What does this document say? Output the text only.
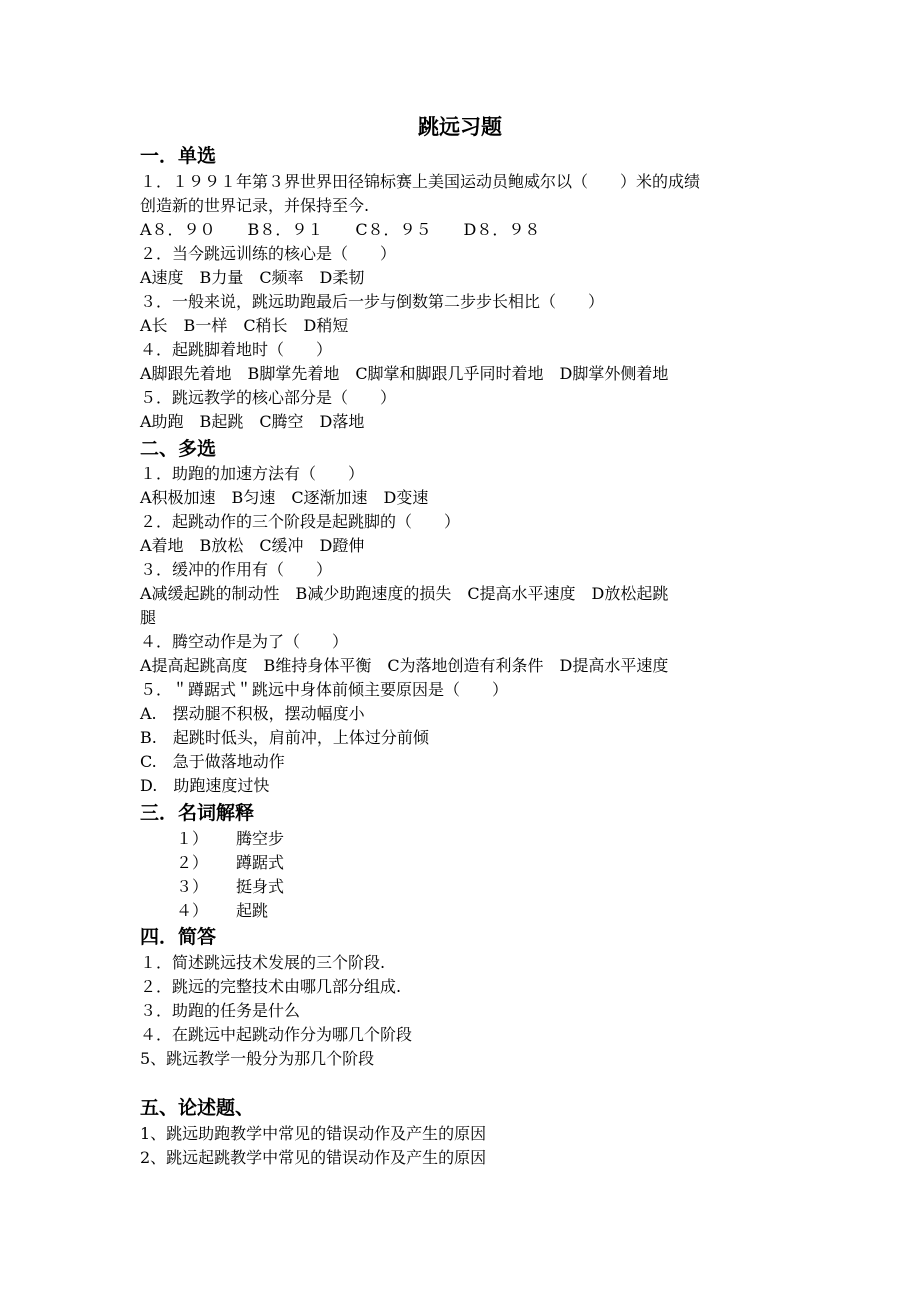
跳远习题
一．单选
１．１９９１年第３界世界田径锦标赛上美国运动员鲍威尔以（　　）米的成绩
创造新的世界记录，并保持至今.
A８．９０　　B８．９１　　C８．９５　　D８．９８
２．当今跳远训练的核心是（　　）
A速度　B力量　C频率　D柔韧
３．一般来说，跳远助跑最后一步与倒数第二步步长相比（　　）
A长　B一样　C稍长　D稍短
４．起跳脚着地时（　　）
A脚跟先着地　B脚掌先着地　C脚掌和脚跟几乎同时着地　D脚掌外侧着地
５．跳远教学的核心部分是（　　）
A助跑　B起跳　C腾空　D落地
二、多选
１．助跑的加速方法有（　　）
A积极加速　B匀速　C逐渐加速　D变速
２．起跳动作的三个阶段是起跳脚的（　　）
A着地　B放松　C缓冲　D蹬伸
３．缓冲的作用有（　　）
A减缓起跳的制动性　B减少助跑速度的损失　C提高水平速度　D放松起跳
腿
４．腾空动作是为了（　　）
A提高起跳高度　B维持身体平衡　C为落地创造有利条件　D提高水平速度
５．＂蹲踞式＂跳远中身体前倾主要原因是（　　）
A.　摆动腿不积极，摆动幅度小
B.　起跳时低头，肩前冲，上体过分前倾
C.　急于做落地动作
D.　助跑速度过快
三．名词解释
１） 腾空步
２） 蹲踞式
３） 挺身式
４） 起跳
四．简答
１．简述跳远技术发展的三个阶段.
２．跳远的完整技术由哪几部分组成.
３．助跑的任务是什么
４．在跳远中起跳动作分为哪几个阶段
5、跳远教学一般分为那几个阶段
五、论述题、
1、跳远助跑教学中常见的错误动作及产生的原因
2、跳远起跳教学中常见的错误动作及产生的原因
